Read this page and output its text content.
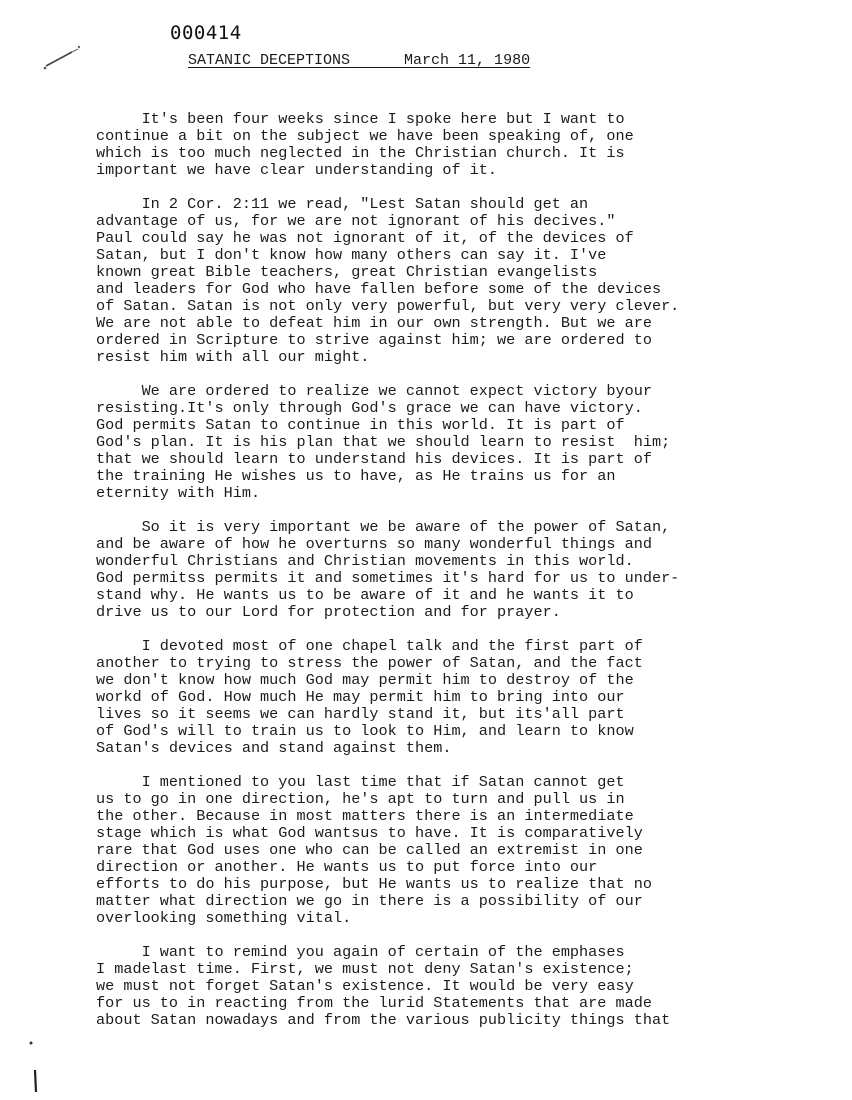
000414
SATANIC DECEPTIONS	March 11, 1980
It's been four weeks since I spoke here but I want to
continue a bit on the subject we have been speaking of, one
which is too much neglected in the Christian church. It is
important we have clear understanding of it.
In 2 Cor. 2:11 we read, "Lest Satan should get an
advantage of us, for we are not ignorant of his decives."
Paul could say he was not ignorant of it, of the devices of
Satan, but I don't know how many others can say it. I've
known great Bible teachers, great Christian evangelists
and leaders for God who have fallen before some of the devices
of Satan. Satan is not only very powerful, but very very clever.
We are not able to defeat him in our own strength. But we are
ordered in Scripture to strive against him; we are ordered to
resist him with all our might.
We are ordered to realize we cannot expect victory byour
resisting.It's only through God's grace we can have victory.
God permits Satan to continue in this world. It is part of
God's plan. It is his plan that we should learn to resist  him;
that we should learn to understand his devices. It is part of
the training He wishes us to have, as He trains us for an
eternity with Him.
So it is very important we be aware of the power of Satan,
and be aware of how he overturns so many wonderful things and
wonderful Christians and Christian movements in this world.
God permitss permits it and sometimes it's hard for us to under-
stand why. He wants us to be aware of it and he wants it to
drive us to our Lord for protection and for prayer.
I devoted most of one chapel talk and the first part of
another to trying to stress the power of Satan, and the fact
we don't know how much God may permit him to destroy of the
workd of God. How much He may permit him to bring into our
lives so it seems we can hardly stand it, but its'all part
of God's will to train us to look to Him, and learn to know
Satan's devices and stand against them.
I mentioned to you last time that if Satan cannot get
us to go in one direction, he's apt to turn and pull us in
the other. Because in most matters there is an intermediate
stage which is what God wantsus to have. It is comparatively
rare that God uses one who can be called an extremist in one
direction or another. He wants us to put force into our
efforts to do his purpose, but He wants us to realize that no
matter what direction we go in there is a possibility of our
overlooking something vital.
I want to remind you again of certain of the emphases
I madelast time. First, we must not deny Satan's existence;
we must not forget Satan's existence. It would be very easy
for us to in reacting from the lurid Statements that are made
about Satan nowadays and from the various publicity things that
